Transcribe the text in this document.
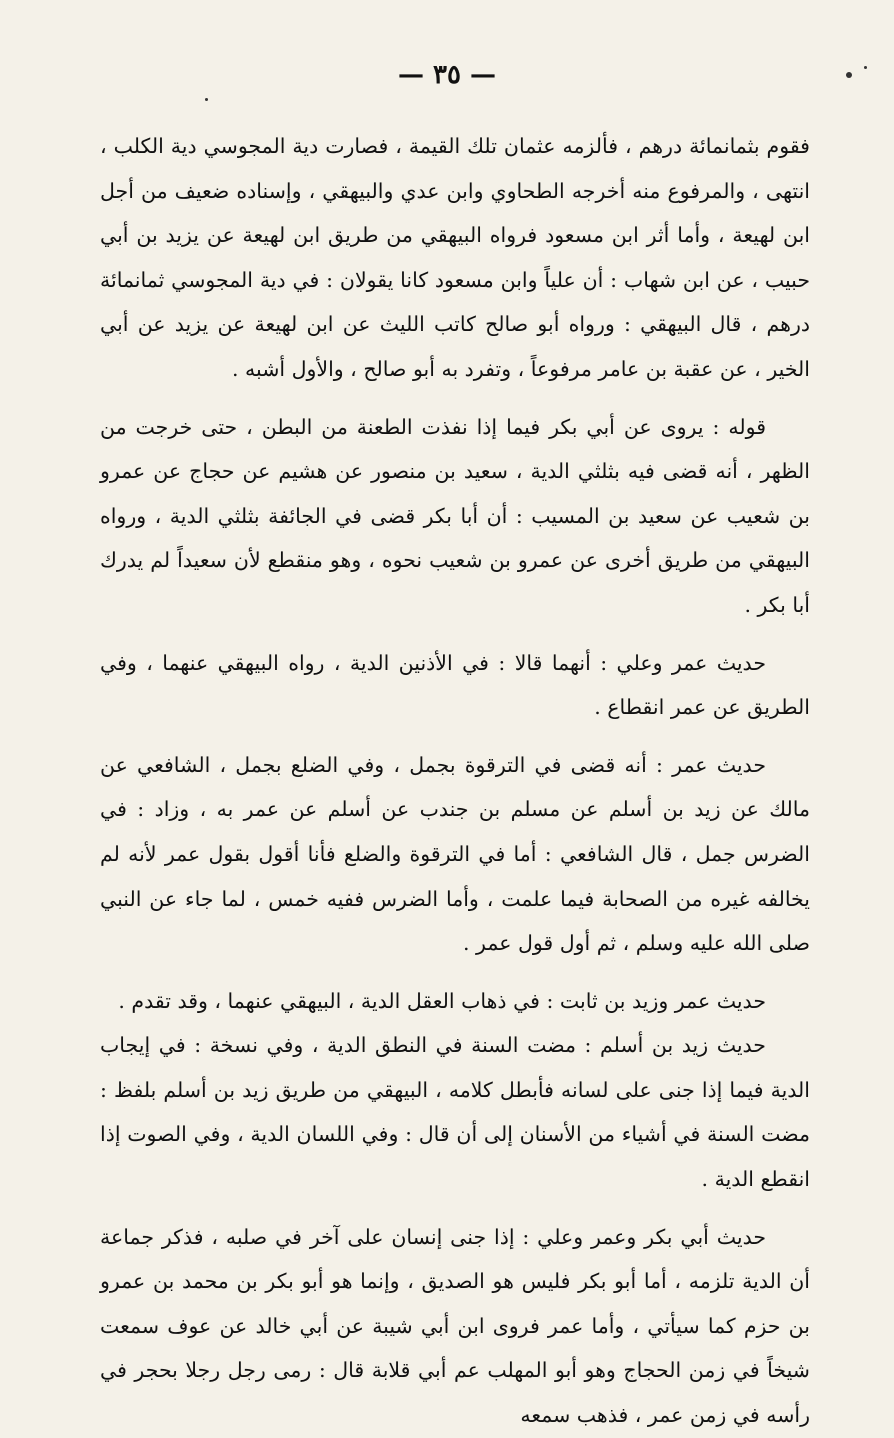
— ٣٥ —

فقوم بثمانمائة درهم ، فألزمه عثمان تلك القيمة ، فصارت دية المجوسي دية الكلب ، انتهى ، والمرفوع منه أخرجه الطحاوي وابن عدي والبيهقي ، وإسناده ضعيف من أجل ابن لهيعة ، وأما أثر ابن مسعود فرواه البيهقي من طريق ابن لهيعة عن يزيد بن أبي حبيب ، عن ابن شهاب : أن علياً وابن مسعود كانا يقولان : في دية المجوسي ثمانمائة درهم ، قال البيهقي : ورواه أبو صالح كاتب الليث عن ابن لهيعة عن يزيد عن أبي الخير ، عن عقبة بن عامر مرفوعاً ، وتفرد به أبو صالح ، والأول أشبه .

قوله : يروى عن أبي بكر فيما إذا نفذت الطعنة من البطن ، حتى خرجت من الظهر ، أنه قضى فيه بثلثي الدية ، سعيد بن منصور عن هشيم عن حجاج عن عمرو بن شعيب عن سعيد بن المسيب : أن أبا بكر قضى في الجائفة بثلثي الدية ، ورواه البيهقي من طريق أخرى عن عمرو بن شعيب نحوه ، وهو منقطع لأن سعيداً لم يدرك أبا بكر .

حديث عمر وعلي : أنهما قالا : في الأذنين الدية ، رواه البيهقي عنهما ، وفي الطريق عن عمر انقطاع .

حديث عمر : أنه قضى في الترقوة بجمل ، وفي الضلع بجمل ، الشافعي عن مالك عن زيد بن أسلم عن مسلم بن جندب عن أسلم عن عمر به ، وزاد : في الضرس جمل ، قال الشافعي : أما في الترقوة والضلع فأنا أقول بقول عمر لأنه لم يخالفه غيره من الصحابة فيما علمت ، وأما الضرس ففيه خمس ، لما جاء عن النبي صلى الله عليه وسلم ، ثم أول قول عمر .

حديث عمر وزيد بن ثابت : في ذهاب العقل الدية ، البيهقي عنهما ، وقد تقدم .

حديث زيد بن أسلم : مضت السنة في النطق الدية ، وفي نسخة : في إيجاب الدية فيما إذا جنى على لسانه فأبطل كلامه ، البيهقي من طريق زيد بن أسلم بلفظ : مضت السنة في أشياء من الأسنان إلى أن قال : وفي اللسان الدية ، وفي الصوت إذا انقطع الدية .

حديث أبي بكر وعمر وعلي : إذا جنى إنسان على آخر في صلبه ، فذكر جماعة أن الدية تلزمه ، أما أبو بكر فليس هو الصديق ، وإنما هو أبو بكر بن محمد بن عمرو بن حزم كما سيأتي ، وأما عمر فروى ابن أبي شيبة عن أبي خالد عن عوف سمعت شيخاً في زمن الحجاج وهو أبو المهلب عم أبي قلابة قال : رمى رجل رجلا بحجر في رأسه في زمن عمر ، فذهب سمعه
